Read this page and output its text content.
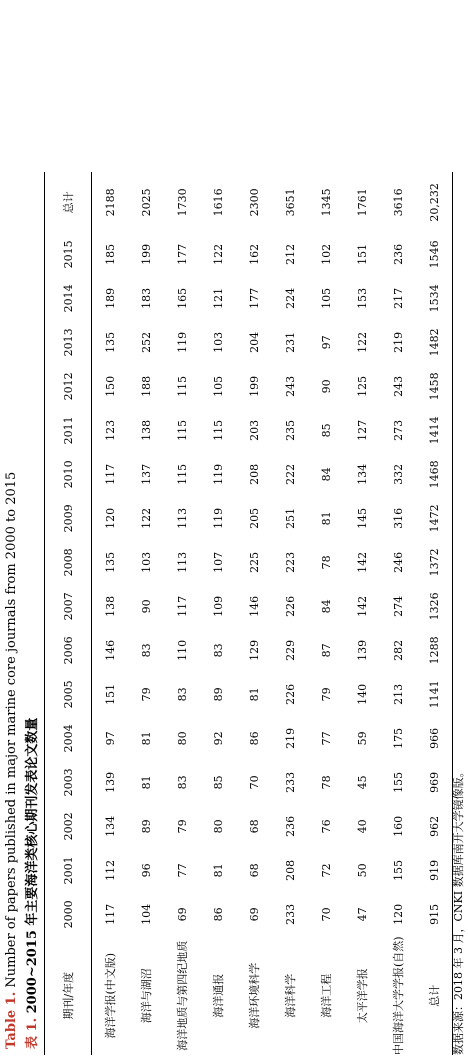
Table 1. Number of papers published in major marine core journals from 2000 to 2015
表 1. 2000~2015 年主要海洋类核心期刊发表论文数量 期刊/年度	2000	2001	2002	2003	2004	2005	2006	2007	2008	2009	2010	2011	2012	2013	2014	2015	总计
海洋学报(中文版)	117	112	134	139	97	151	146	138	135	120	117	123	150	135	189	185	2188
海洋与湖沼	104	96	89	81	81	79	83	90	103	122	137	138	188	252	183	199	2025
海洋地质与第四纪地质	69	77	79	83	80	83	110	117	113	113	115	115	115	119	165	177	1730
海洋通报	86	81	80	85	92	89	83	109	107	119	119	115	105	103	121	122	1616
海洋环境科学	69	68	68	70	86	81	129	146	225	205	208	203	199	204	177	162	2300
海洋科学	233	208	236	233	219	226	229	226	223	251	222	235	243	231	224	212	3651
海洋工程	70	72	76	78	77	79	87	84	78	81	84	85	90	97	105	102	1345
太平洋学报	47	50	40	45	59	140	139	142	142	145	134	127	125	122	153	151	1761
中国海洋大学学报(自然)	120	155	160	155	175	213	282	274	246	316	332	273	243	219	217	236	3616
总计	915	919	962	969	966	1141	1288	1326	1372	1472	1468	1414	1458	1482	1534	1546	20,232
数据来源：2018 年 3 月，CNKI 数据库南开大学镜像版。
